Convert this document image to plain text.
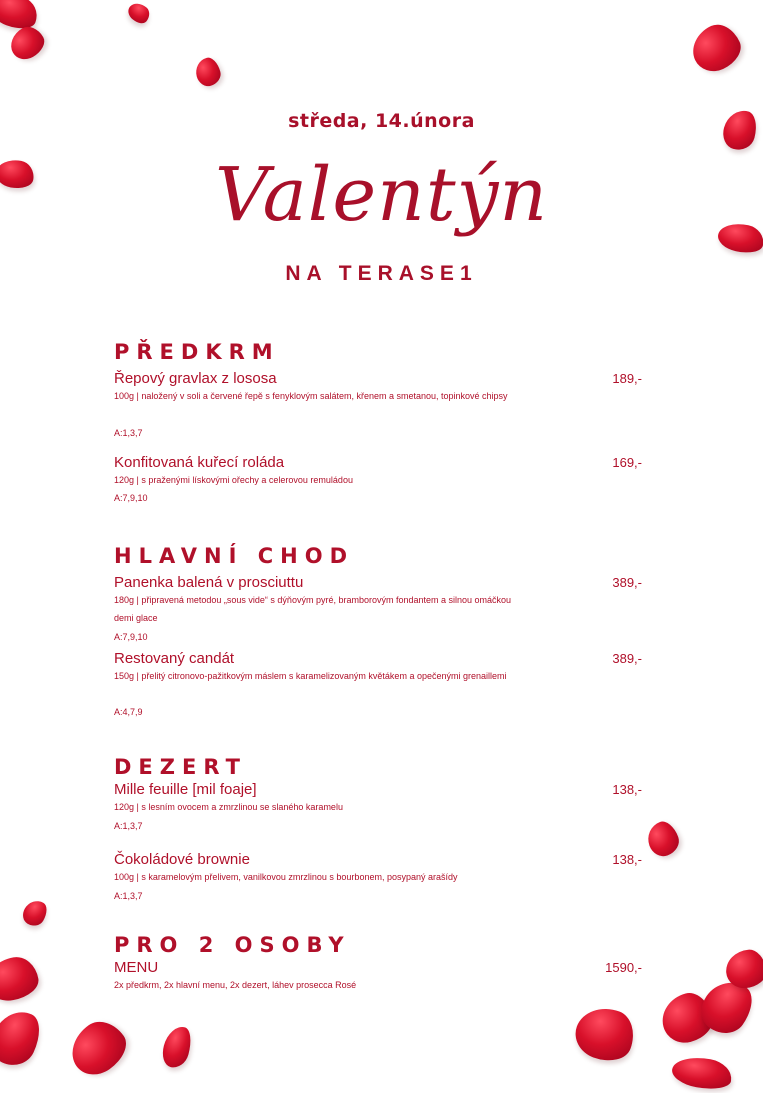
středa, 14.února
Valentýn
NA TERASE1
PŘEDKRM
Řepový gravlax z lososa	189,-
100g | naložený v soli a červené řepě s fenyklovým salátem, křenem a smetanou, topinkové chipsy
A:1,3,7
Konfitovaná kuřecí roláda	169,-
120g | s praženými lískovými ořechy a celerovou remuládou
A:7,9,10
HLAVNÍ CHOD
Panenka balená v prosciuttu	389,-
180g | připravená metodou „sous vide“ s dýňovým pyré, bramborovým fondantem a silnou omáčkou demi glace
A:7,9,10
Restovaný candát	389,-
150g | přelitý citronovo-pažitkovým máslem s karamelizovaným květákem a opečenými grenaillemi
A:4,7,9
DEZERT
Mille feuille [mil foaje]	138,-
120g | s lesním ovocem a zmrzlinou se slaného karamelu
A:1,3,7
Čokoládové brownie	138,-
100g | s karamelovým přelivem, vanilkovou zmrzlinou s bourbonem, posypaný arašídy
A:1,3,7
PRO 2 OSOBY
MENU	1590,-
2x předkrm, 2x hlavní menu, 2x dezert, láhev prosecca Rosé
